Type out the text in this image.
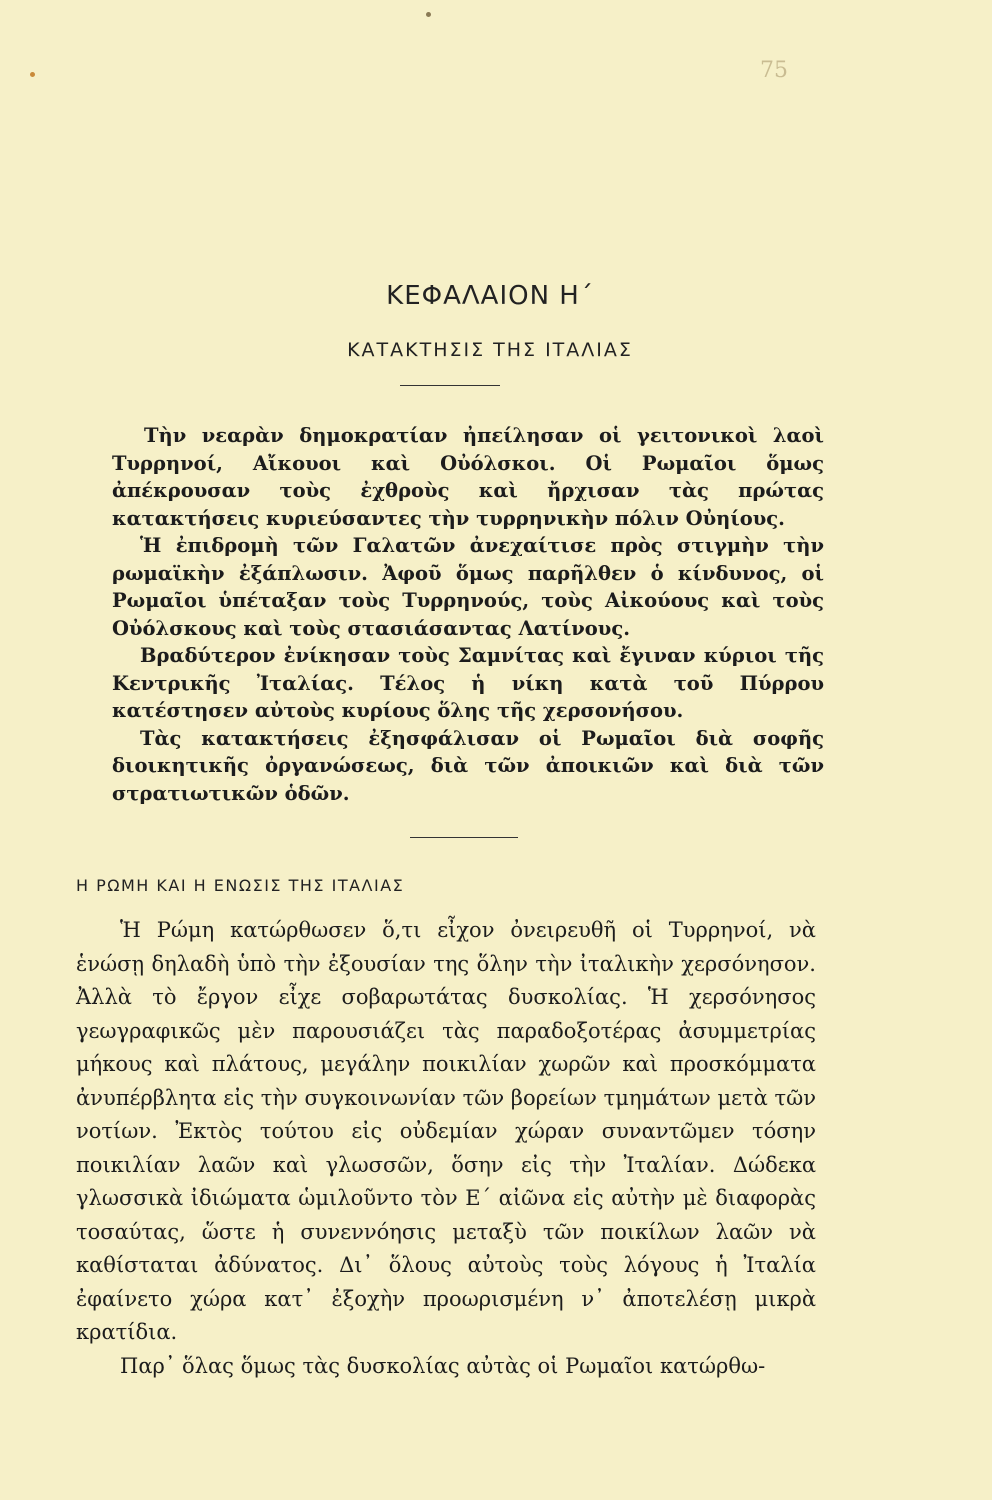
75
ΚΕΦΑΛΑΙΟΝ Η΄
ΚΑΤΑΚΤΗΣΙΣ ΤΗΣ ΙΤΑΛΙΑΣ

Τὴν νεαρὰν δημοκρατίαν ἠπείλησαν οἱ γειτονικοὶ λαοὶ Τυρρηνοί, Αἴκουοι καὶ Οὐόλσκοι. Οἱ Ρωμαῖοι ὅμως ἀπέκρουσαν τοὺς ἐχθροὺς καὶ ἤρχισαν τὰς πρώτας κατακτήσεις κυριεύσαντες τὴν τυρρηνικὴν πόλιν Οὐηίους.

Ἡ ἐπιδρομὴ τῶν Γαλατῶν ἀνεχαίτισε πρὸς στιγμὴν τὴν ρωμαϊκὴν ἐξάπλωσιν. Ἀφοῦ ὅμως παρῆλθεν ὁ κίνδυνος, οἱ Ρωμαῖοι ὑπέταξαν τοὺς Τυρρηνούς, τοὺς Αἰκούους καὶ τοὺς Οὐόλσκους καὶ τοὺς στασιάσαντας Λατίνους.

Βραδύτερον ἐνίκησαν τοὺς Σαμνίτας καὶ ἔγιναν κύριοι τῆς Κεντρικῆς Ἰταλίας. Τέλος ἡ νίκη κατὰ τοῦ Πύρρου κατέστησεν αὐτοὺς κυρίους ὅλης τῆς χερσονήσου.

Τὰς κατακτήσεις ἐξησφάλισαν οἱ Ρωμαῖοι διὰ σοφῆς διοικητικῆς ὀργανώσεως, διὰ τῶν ἀποικιῶν καὶ διὰ τῶν στρατιωτικῶν ὁδῶν.

Η ΡΩΜΗ ΚΑΙ Η ΕΝΩΣΙΣ ΤΗΣ ΙΤΑΛΙΑΣ

Ἡ Ρώμη κατώρθωσεν ὅ,τι εἶχον ὀνειρευθῆ οἱ Τυρρηνοί, νὰ ἑνώσῃ δηλαδὴ ὑπὸ τὴν ἐξουσίαν της ὅλην τὴν ἰταλικὴν χερσόνησον. Ἀλλὰ τὸ ἔργον εἶχε σοβαρωτάτας δυσκολίας. Ἡ χερσόνησος γεωγραφικῶς μὲν παρουσιάζει τὰς παραδοξοτέρας ἀσυμμετρίας μήκους καὶ πλάτους, μεγάλην ποικιλίαν χωρῶν καὶ προσκόμματα ἀνυπέρβλητα εἰς τὴν συγκοινωνίαν τῶν βορείων τμημάτων μετὰ τῶν νοτίων. Ἐκτὸς τούτου εἰς οὐδεμίαν χώραν συναντῶμεν τόσην ποικιλίαν λαῶν καὶ γλωσσῶν, ὅσην εἰς τὴν Ἰταλίαν. Δώδεκα γλωσσικὰ ἰδιώματα ὡμιλοῦντο τὸν Ε΄ αἰῶνα εἰς αὐτὴν μὲ διαφορὰς τοσαύτας, ὥστε ἡ συνεννόησις μεταξὺ τῶν ποικίλων λαῶν νὰ καθίσταται ἀδύνατος. Δι᾽ ὅλους αὐτοὺς τοὺς λόγους ἡ Ἰταλία ἐφαίνετο χώρα κατ᾽ ἐξοχὴν προωρισμένη ν᾽ ἀποτελέσῃ μικρὰ κρατίδια.

Παρ᾽ ὅλας ὅμως τὰς δυσκολίας αὐτὰς οἱ Ρωμαῖοι κατώρθω-
